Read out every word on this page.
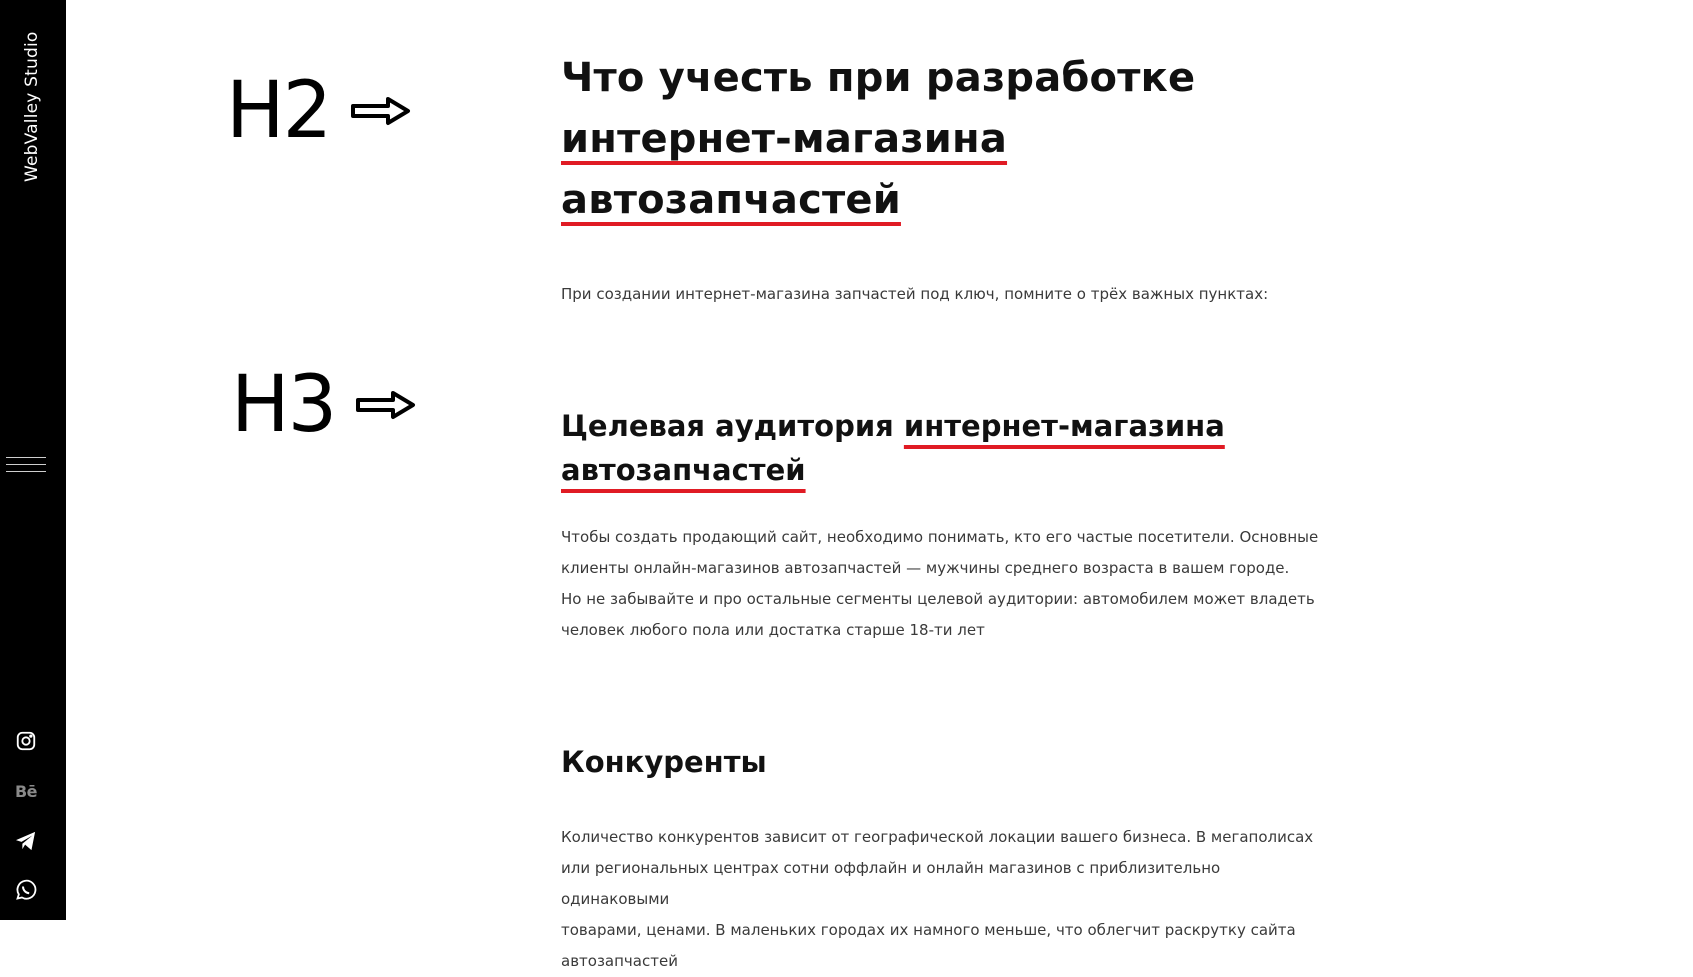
WebValley Studio
Bē
H2
H3
Что учесть при разработке интернет-магазина автозапчастей

При создании интернет-магазина запчастей под ключ, помните о трёх важных пунктах:

Целевая аудитория интернет-магазина
автозапчастей

Чтобы создать продающий сайт, необходимо понимать, кто его частые посетители. Основные
клиенты онлайн-магазинов автозапчастей — мужчины среднего возраста в вашем городе.
Но не забывайте и про остальные сегменты целевой аудитории: автомобилем может владеть
человек любого пола или достатка старше 18-ти лет

Конкуренты

Количество конкурентов зависит от географической локации вашего бизнеса. В мегаполисах
или региональных центрах сотни оффлайн и онлайн магазинов с приблизительно одинаковыми
товарами, ценами. В маленьких городах их намного меньше, что облегчит раскрутку сайта
автозапчастей
